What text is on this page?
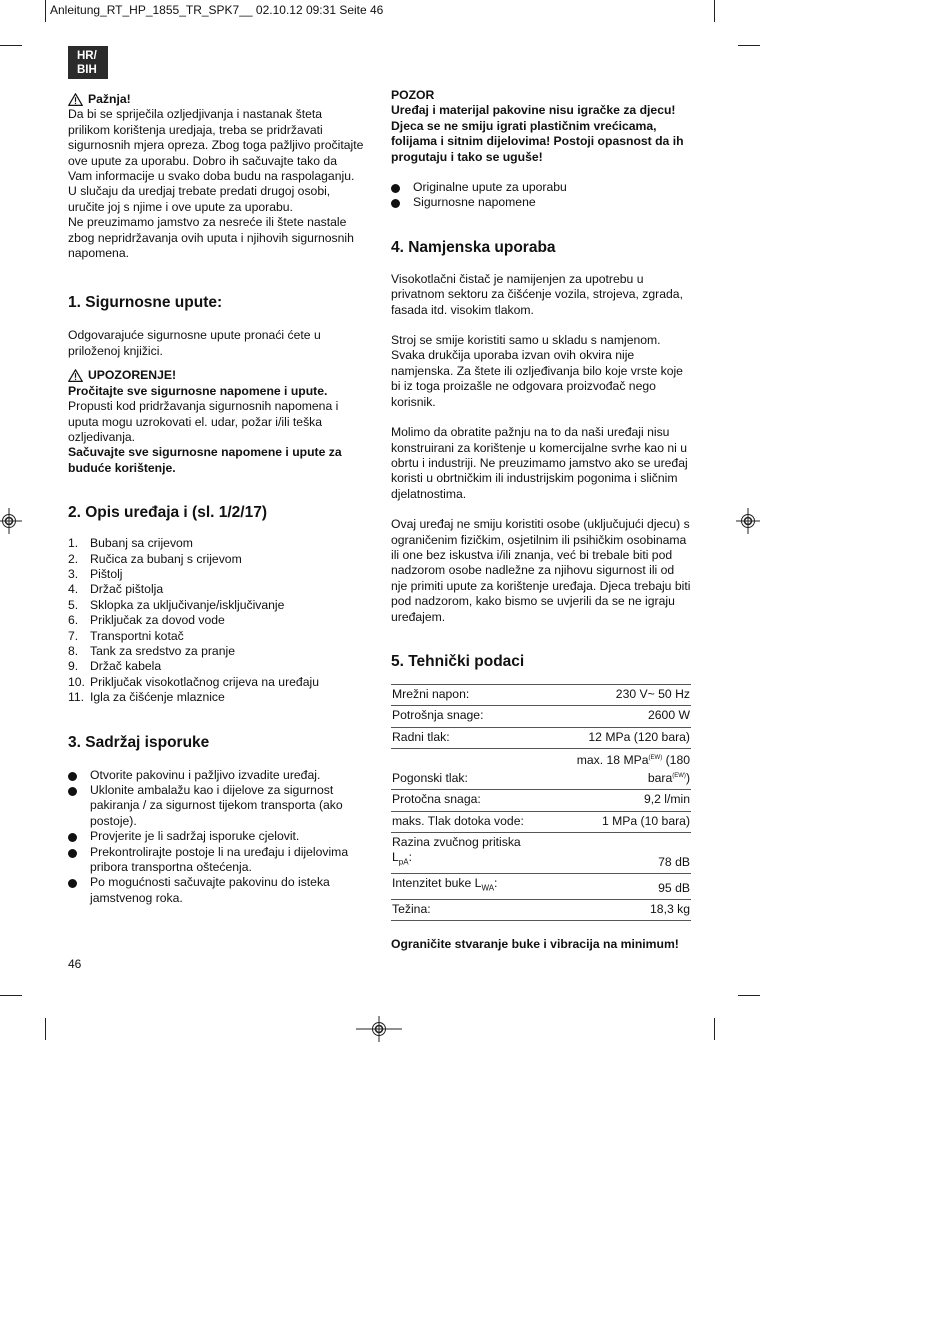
Anleitung_RT_HP_1855_TR_SPK7__ 02.10.12 09:31 Seite 46
HR/
BIH
Pažnja!

Da bi se spriječila ozljedjivanja i nastanak šteta prilikom korištenja uredjaja, treba se pridržavati sigurnosnih mjera opreza. Zbog toga pažljivo pročitajte ove upute za uporabu. Dobro ih sačuvajte tako da Vam informacije u svako doba budu na raspolaganju. U slučaju da uredjaj trebate predati drugoj osobi, uručite joj s njime i ove upute za uporabu.

Ne preuzimamo jamstvo za nesreće ili štete nastale zbog nepridržavanja ovih uputa i njihovih sigurnosnih napomena.

1. Sigurnosne upute:

Odgovarajuće sigurnosne upute pronaći ćete u priloženoj knjižici.

UPOZORENJE!

Pročitajte sve sigurnosne napomene i upute.

Propusti kod pridržavanja sigurnosnih napomena i uputa mogu uzrokovati el. udar, požar i/ili teška ozljedivanja.

Sačuvajte sve sigurnosne napomene i upute za buduće korištenje.

2. Opis uređaja i (sl. 1/2/17)
1. Bubanj sa crijevom
2. Ručica za bubanj s crijevom
3. Pištolj
4. Držač pištolja
5. Sklopka za uključivanje/isključivanje
6. Priključak za dovod vode
7. Transportni kotač
8. Tank za sredstvo za pranje
9. Držač kabela
10. Priključak visokotlačnog crijeva na uređaju
11. Igla za čišćenje mlaznice
3. Sadržaj isporuke
Otvorite pakovinu i pažljivo izvadite uređaj.
Uklonite ambalažu kao i dijelove za sigurnost pakiranja / za sigurnost tijekom transporta (ako postoje).
Provjerite je li sadržaj isporuke cjelovit.
Prekontrolirajte postoje li na uređaju i dijelovima pribora transportna oštećenja.
Po mogućnosti sačuvajte pakovinu do isteka jamstvenog roka.

POZOR

Uređaj i materijal pakovine nisu igračke za djecu! Djeca se ne smiju igrati plastičnim vrećicama, folijama i sitnim dijelovima! Postoji opasnost da ih progutaju i tako se uguše!

Originalne upute za uporabu
Sigurnosne napomene
4. Namjenska uporaba

Visokotlačni čistač je namijenjen za upotrebu u privatnom sektoru za čišćenje vozila, strojeva, zgrada, fasada itd. visokim tlakom.

Stroj se smije koristiti samo u skladu s namjenom. Svaka drukčija uporaba izvan ovih okvira nije namjenska. Za štete ili ozljeđivanja bilo koje vrste koje bi iz toga proizašle ne odgovara proizvođač nego korisnik.

Molimo da obratite pažnju na to da naši uređaji nisu konstruirani za korištenje u komercijalne svrhe kao ni u obrtu i industriji. Ne preuzimamo jamstvo ako se uređaj koristi u obrtničkim ili industrijskim pogonima i sličnim djelatnostima.

Ovaj uređaj ne smiju koristiti osobe (uključujući djecu) s ograničenim fizičkim, osjetilnim ili psihičkim osobinama ili one bez iskustva i/ili znanja, već bi trebale biti pod nadzorom osobe nadležne za njihovu sigurnost ili od nje primiti upute za korištenje uređaja. Djeca trebaju biti pod nadzorom, kako bismo se uvjerili da se ne igraju uređajem.

5. Tehnički podaci
Mrežni napon:	230 V~ 50 Hz
Potrošnja snage:	2600 W
Radni tlak:	12 MPa (120 bara)
Pogonski tlak:	max. 18 MPa$^{(EW)}$ (180 bara$^{(EW)}$)
Protočna snaga:	9,2 l/min
maks. Tlak dotoka vode:	1 MPa (10 bara)
Razina zvučnog pritiska $L_{pA}$:	78 dB
Intenzitet buke $L_{WA}$:	95 dB
Težina:	18,3 kg

Ograničite stvaranje buke i vibracija na minimum!

46
